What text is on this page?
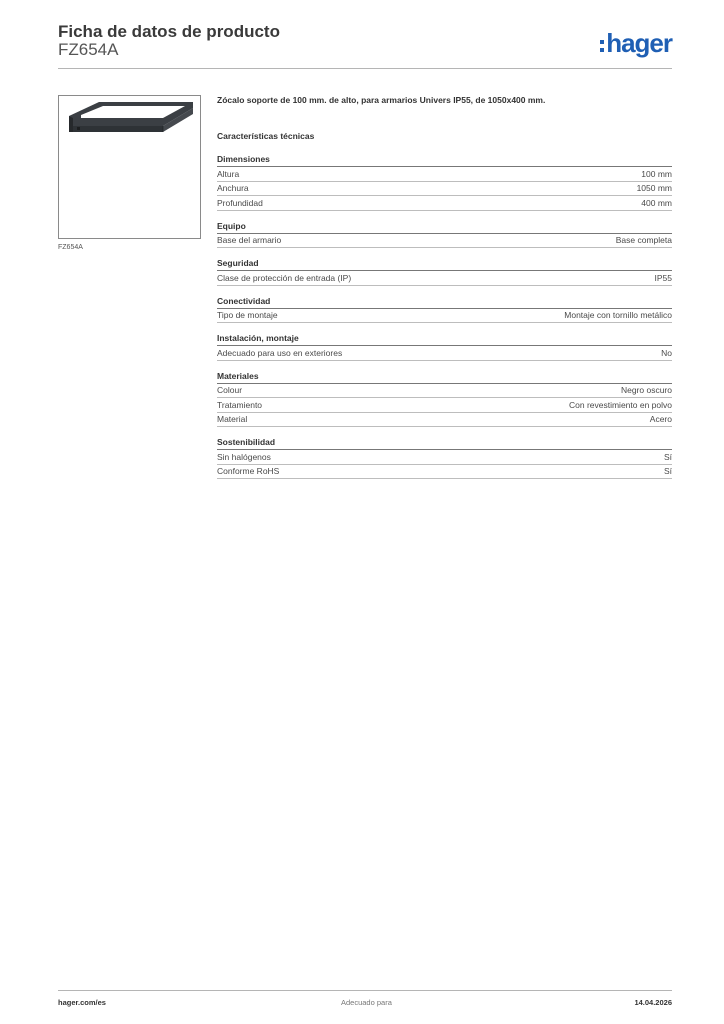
Ficha de datos de producto
FZ654A	hager
FZ654A
Zócalo soporte de 100 mm. de alto, para armarios Univers IP55, de 1050x400 mm.
Características técnicas
Dimensiones
Altura	100 mm
Anchura	1050 mm
Profundidad	400 mm
Equipo
Base del armario	Base completa
Seguridad
Clase de protección de entrada (IP)	IP55
Conectividad
Tipo de montaje	Montaje con tornillo metálico
Instalación, montaje
Adecuado para uso en exteriores	No
Materiales
Colour	Negro oscuro
Tratamiento	Con revestimiento en polvo
Material	Acero
Sostenibilidad
Sin halógenos	Sí
Conforme RoHS	Sí
hager.com/es	Adecuado para	14.04.2026
